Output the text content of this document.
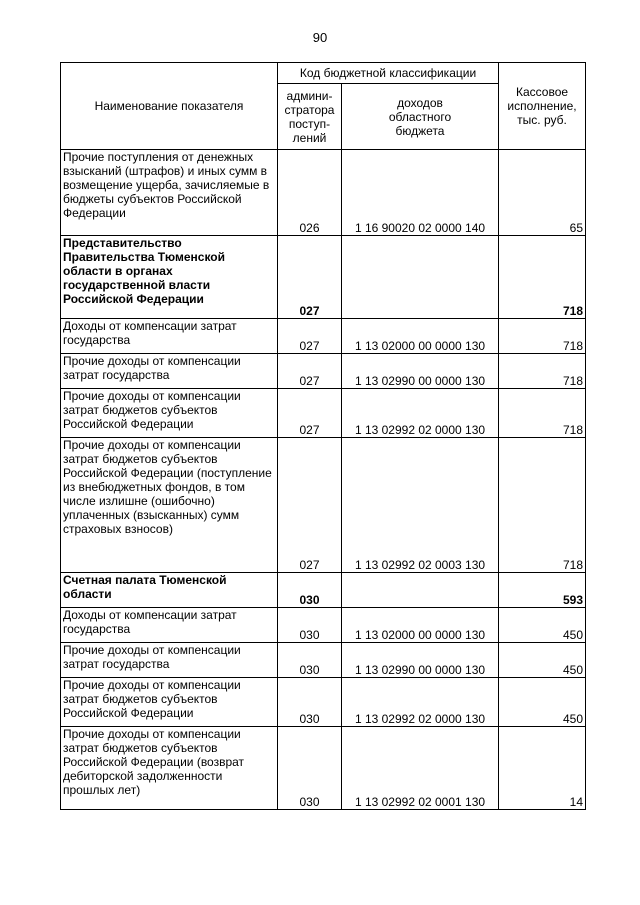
90
Наименование показателя	Код бюджетной классификации		Кассовое
исполнение,
тыс. руб.
	админи-
стратора
поступ-
лений	доходов
областного
бюджета	
Прочие поступления от денежных взысканий (штрафов) и иных сумм в возмещение ущерба, зачисляемые в бюджеты субъектов Российской Федерации	026	1 16 90020 02 0000 140	65
Представительство Правительства Тюменской области в органах государственной власти Российской Федерации	027		718
Доходы от компенсации затрат государства	027	1 13 02000 00 0000 130	718
Прочие доходы от компенсации затрат государства	027	1 13 02990 00 0000 130	718
Прочие доходы от компенсации затрат бюджетов субъектов Российской Федерации	027	1 13 02992 02 0000 130	718
Прочие доходы от компенсации затрат бюджетов субъектов Российской Федерации (поступление из внебюджетных фондов, в том числе излишне (ошибочно) уплаченных (взысканных) сумм страховых взносов)	027	1 13 02992 02 0003 130	718
Счетная палата Тюменской области	030		593
Доходы от компенсации затрат государства	030	1 13 02000 00 0000 130	450
Прочие доходы от компенсации затрат государства	030	1 13 02990 00 0000 130	450
Прочие доходы от компенсации затрат бюджетов субъектов Российской Федерации	030	1 13 02992 02 0000 130	450
Прочие доходы от компенсации затрат бюджетов субъектов Российской Федерации (возврат дебиторской задолженности прошлых лет)	030	1 13 02992 02 0001 130	14
